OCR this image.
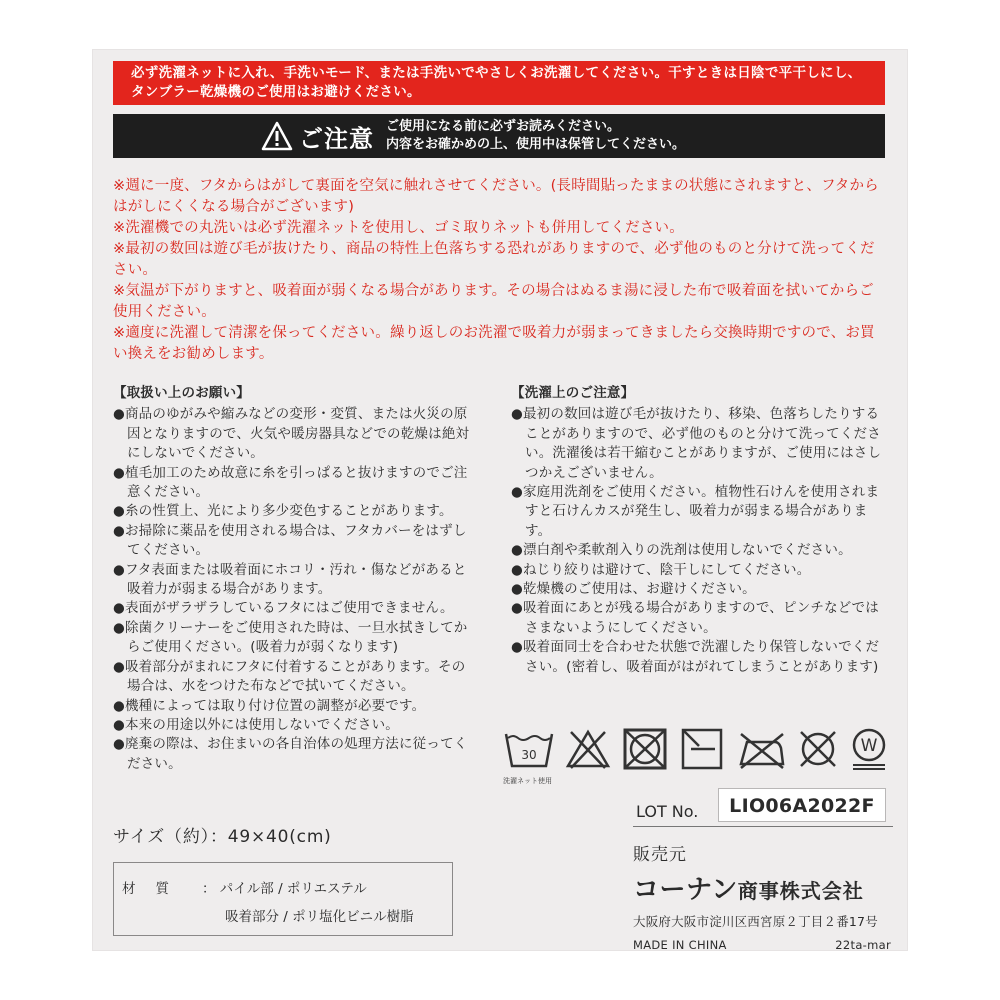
必ず洗濯ネットに入れ、手洗いモード、または手洗いでやさしくお洗濯してください。干すときは日陰で平干しにし、
タンブラー乾燥機のご使用はお避けください。
ご注意 ご使用になる前に必ずお読みください。
内容をお確かめの上、使用中は保管してください。

※週に一度、フタからはがして裏面を空気に触れさせてください。(長時間貼ったままの状態にされますと、フタからはがしにくくなる場合がございます)

※洗濯機での丸洗いは必ず洗濯ネットを使用し、ゴミ取りネットも併用してください。

※最初の数回は遊び毛が抜けたり、商品の特性上色落ちする恐れがありますので、必ず他のものと分けて洗ってください。

※気温が下がりますと、吸着面が弱くなる場合があります。その場合はぬるま湯に浸した布で吸着面を拭いてからご使用ください。

※適度に洗濯して清潔を保ってください。繰り返しのお洗濯で吸着力が弱まってきましたら交換時期ですので、お買い換えをお勧めします。

【取扱い上のお願い】

●商品のゆがみや縮みなどの変形・変質、または火災の原因となりますので、火気や暖房器具などでの乾燥は絶対にしないでください。

●植毛加工のため故意に糸を引っぱると抜けますのでご注意ください。

●糸の性質上、光により多少変色することがあります。

●お掃除に薬品を使用される場合は、フタカバーをはずしてください。

●フタ表面または吸着面にホコリ・汚れ・傷などがあると吸着力が弱まる場合があります。

●表面がザラザラしているフタにはご使用できません。

●除菌クリーナーをご使用された時は、一旦水拭きしてからご使用ください。(吸着力が弱くなります)

●吸着部分がまれにフタに付着することがあります。その場合は、水をつけた布などで拭いてください。

●機種によっては取り付け位置の調整が必要です。

●本来の用途以外には使用しないでください。

●廃棄の際は、お住まいの各自治体の処理方法に従ってください。

【洗濯上のご注意】

●最初の数回は遊び毛が抜けたり、移染、色落ちしたりすることがありますので、必ず他のものと分けて洗ってください。洗濯後は若干縮むことがありますが、ご使用にはさしつかえございません。

●家庭用洗剤をご使用ください。植物性石けんを使用されますと石けんカスが発生し、吸着力が弱まる場合があります。

●漂白剤や柔軟剤入りの洗剤は使用しないでください。

●ねじり絞りは避けて、陰干しにしてください。

●乾燥機のご使用は、お避けください。

●吸着面にあとが残る場合がありますので、ピンチなどではさまないようにしてください。

●吸着面同士を合わせた状態で洗濯したり保管しないでください。(密着し、吸着面がはがれてしまうことがあります)

30
洗濯ネット使用
W
LOT No.	LIO06A2022F
サイズ（約）：49×40(cm)
材質 ： パイル部 / ポリエステル
吸着部分 / ポリ塩化ビニル樹脂
販売元
コーナン商事株式会社
大阪府大阪市淀川区西宮原２丁目２番17号
MADE IN CHINA	22ta-mar
